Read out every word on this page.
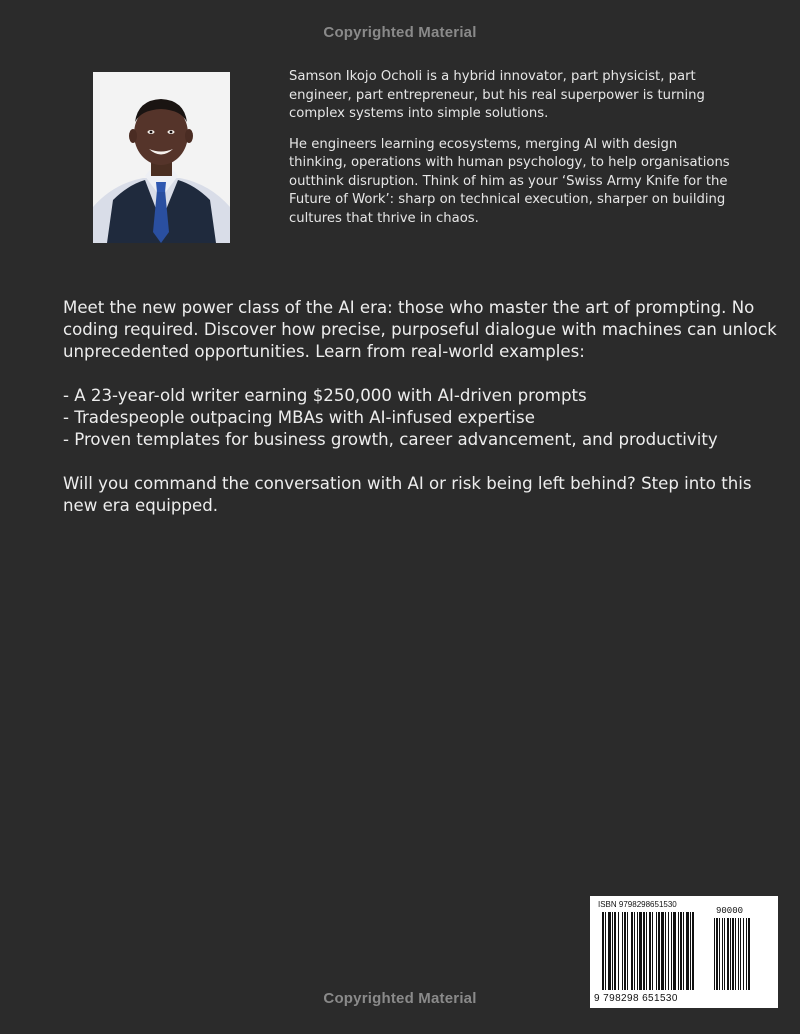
Copyrighted Material

Samson Ikojo Ocholi is a hybrid innovator, part physicist, part engineer, part entrepreneur, but his real superpower is turning complex systems into simple solutions.

He engineers learning ecosystems, merging AI with design thinking, operations with human psychology, to help organisations outthink disruption. Think of him as your ‘Swiss Army Knife for the Future of Work’: sharp on technical execution, sharper on building cultures that thrive in chaos.

Meet the new power class of the AI era: those who master the art of prompting. No coding required. Discover how precise, purposeful dialogue with machines can unlock unprecedented opportunities. Learn from real-world examples:

- A 23-year-old writer earning $250,000 with AI-driven prompts
- Tradespeople outpacing MBAs with AI-infused expertise
- Proven templates for business growth, career advancement, and productivity

Will you command the conversation with AI or risk being left behind? Step into this new era equipped.

ISBN 9798298651530
90000
9 798298 651530
Copyrighted Material
